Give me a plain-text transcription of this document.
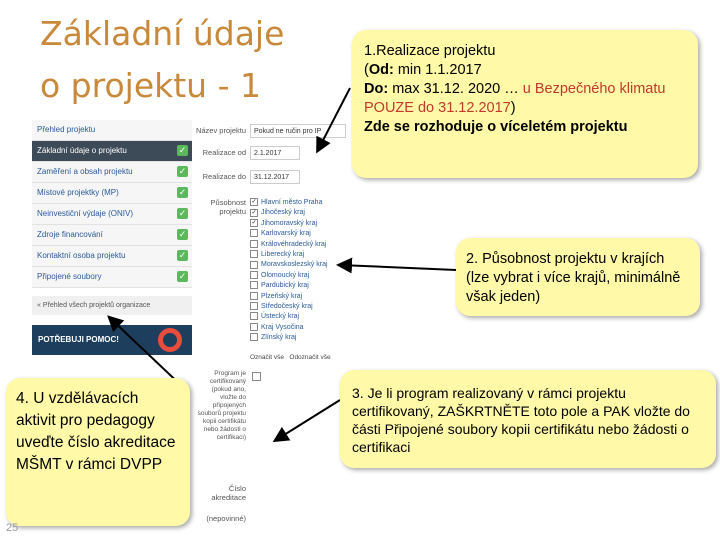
Základní údaje
o projektu - 1
Přehled projektu
Základní údaje o projektu	✓
Zaměření a obsah projektu	✓
Místové projektky (MP)	✓
Neinvestiční výdaje (ONIV)	✓
Zdroje financování	✓
Kontaktní osoba projektu	✓
Připojené soubory	✓
« Přehled všech projektů organizace
POTŘEBUJI POMOC!
Název projektu	Pokud ne ručin pro IP
Realizace od	2.1.2017
Realizace do	31.12.2017
Působnost projektu
✓ Hlavní město Praha
✓ Jihočeský kraj
✓ Jihomoravský kraj
Karlovarský kraj
Královéhradecký kraj
Liberecký kraj
Moravskoslezský kraj
Olomoucký kraj
Pardubický kraj
Plzeňský kraj
Středočeský kraj
Ústecký kraj
Kraj Vysočina
Zlínský kraj
Označit vše Odoznačit vše
Program je certifikovaný (pokud ano, vložte do připojených souborů projektu kopii certifikátu nebo žádosti o certifikaci)
Číslo akreditace
(nepovinné)
1.Realizace projektu
(Od: min 1.1.2017
Do: max 31.12. 2020 … u Bezpečného klimatu POUZE do 31.12.2017)
Zde se rozhoduje o víceletém projektu
2. Působnost projektu v krajích (lze vybrat i více krajů, minimálně však jeden)
3. Je li program realizovaný v rámci projektu certifikovaný, ZAŠKRTNĚTE toto pole a PAK vložte do části Připojené soubory kopii certifikátu nebo žádosti o certifikaci
4. U vzdělávacích aktivit pro pedagogy uveďte číslo akreditace MŠMT v rámci DVPP
25
